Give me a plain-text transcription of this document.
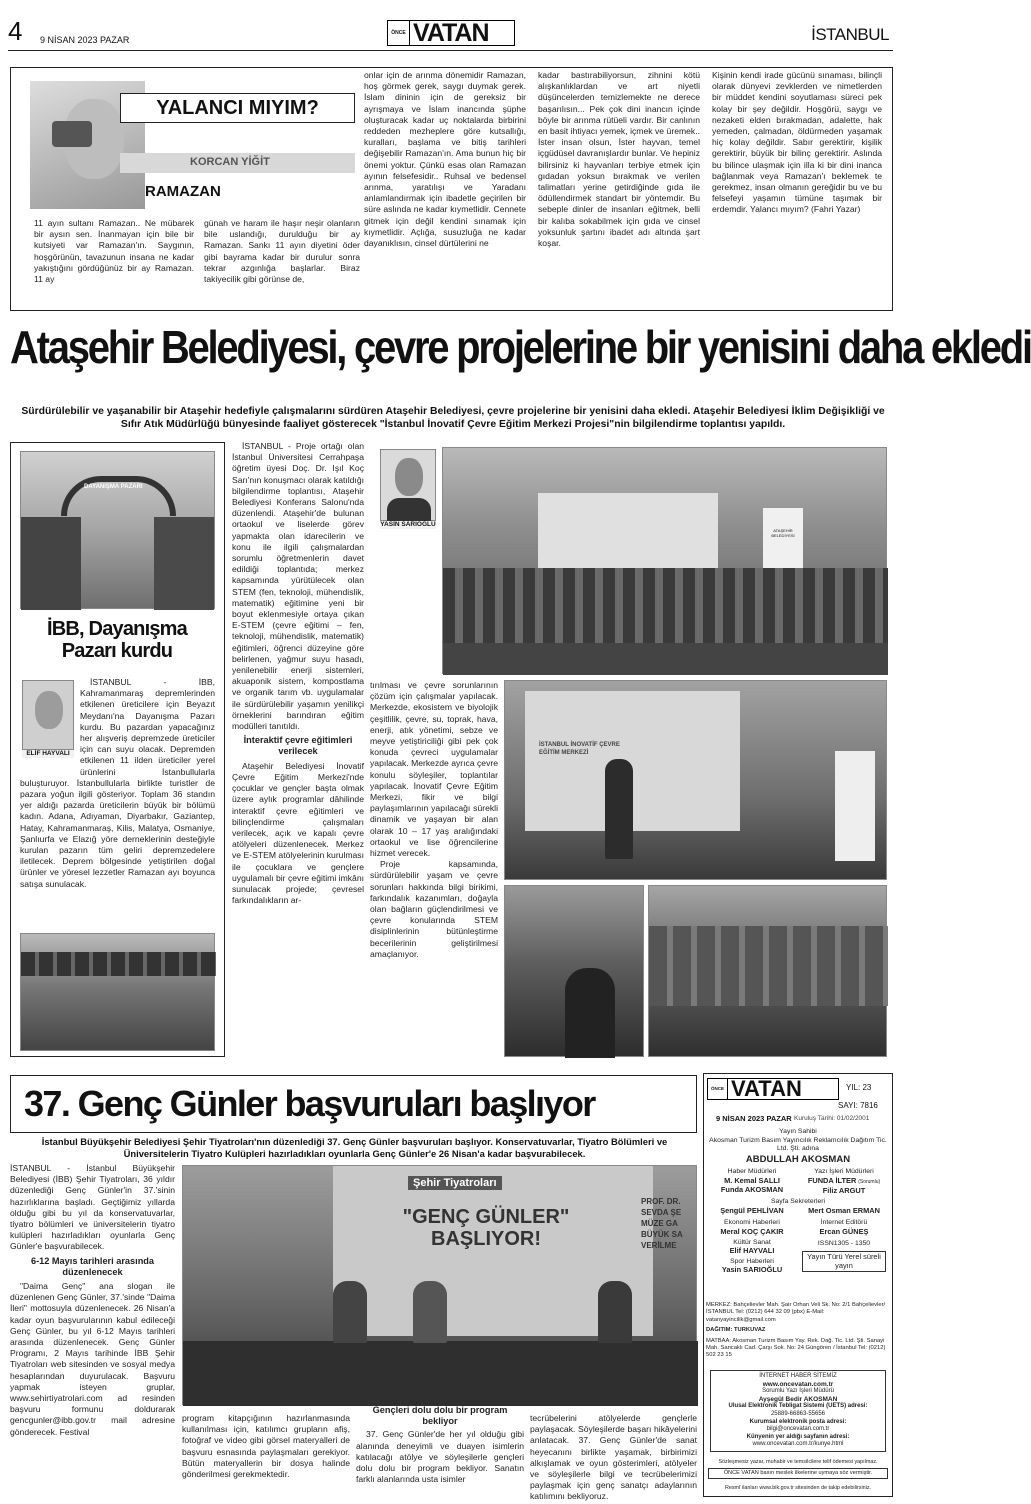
4 9 NİSAN 2023 PAZAR
ÖNCE VATAN	İSTANBUL
YALANCI MIYIM?
KORCAN YİĞİT
RAMAZAN
11 ayın sultanı Ramazan.. Ne mübarek bir aysın sen. İnanmayan için bile bir kutsiyeti var Ramazan'ın. Saygının, hoşgörünün, tavazunun insana ne kadar yakıştığını gördüğünüz bir ay Ramazan. 11 ay
günah ve haram ile haşır neşir olanların bile uslandığı, durulduğu bir ay Ramazan. Sankı 11 ayın diyetini öder gibi bayrama kadar bir durulur sonra tekrar azgınlığa başlarlar. Biraz takiyecilik gibi görünse de,
onlar için de arınma dönemidir Ramazan, hoş görmek gerek, saygı duymak gerek. İslam dininin için de gereksiz bir ayrışmaya ve İslam inancında şüphe oluşturacak kadar uç noktalarda birbirini reddeden mezheplere göre kutsallığı, kuralları, başlama ve bitiş tarihleri değişebilir Ramazan'ın. Ama bunun hiç bir önemi yoktur. Çünkü esas olan Ramazan ayının felsefesidir.. Ruhsal ve bedensel arınma, yaratılışı ve Yaradanı anlamlandırmak için ibadetle geçirilen bir süre aslında ne kadar kıymetlidir. Cennete gitmek için değil kendini sınamak için kıymetlidir. Açlığa, susuzluğa ne kadar dayanıklısın, cinsel dürtülerini ne
kadar bastırabiliyorsun, zihnini kötü alışkanlıklardan ve art niyetli düşüncelerden temizlemekte ne derece başarılısın... Pek çok dini inancın içinde böyle bir arınma rütüeli vardır. Bir canlının en basit ihtiyacı yemek, içmek ve üremek.. İster insan olsun, İster hayvan, temel içgüdüsel davranışlardır bunlar. Ve hepiniz bilirsiniz ki hayvanları terbiye etmek için gıdadan yoksun bırakmak ve verilen talimatları yerine getirdiğinde gıda ile ödüllendirmek standart bir yöntemdir. Bu sebeple dinler de insanları eğitmek, belli bir kalıba sokabilmek için gıda ve cinsel yoksunluk şartını ibadet adı altında şart koşar.
Kişinin kendi irade gücünü sınaması, bilinçli olarak dünyevi zevklerden ve nimetlerden bir müddet kendini soyutlaması süreci pek kolay bir şey değildir. Hoşgörü, saygı ve nezaketi elden bırakmadan, adalette, hak yemeden, çalmadan, öldürmeden yaşamak hiç kolay değildir. Sabır gerektirir, kişilik gerektirir, büyük bir bilinç gerektirir. Aslında bu bilince ulaşmak için illa ki bir dini inanca bağlanmak veya Ramazan'ı beklemek te gerekmez, insan olmanın gereğidir bu ve bu felsefeyi yaşamın tümüne taşımak bir erdemdir. Yalancı mıyım? (Fahri Yazar)
Ataşehir Belediyesi, çevre projelerine bir yenisini daha ekledi
Sürdürülebilir ve yaşanabilir bir Ataşehir hedefiyle çalışmalarını sürdüren Ataşehir Belediyesi, çevre projelerine bir yenisini daha ekledi. Ataşehir Belediyesi İklim Değişikliği ve Sıfır Atık Müdürlüğü bünyesinde faaliyet gösterecek "İstanbul İnovatif Çevre Eğitim Merkezi Projesi"nin bilgilendirme toplantısı yapıldı.
DAYANIŞMA PAZARI
İBB, Dayanışma Pazarı kurdu
ELİF HAYVALI

İSTANBUL - İBB, Kahramanmaraş depremlerinden etkilenen üreticilere için Beyazıt Meydanı'na Dayanışma Pazarı kurdu. Bu pazardan yapacağınız her alışveriş depremzede üreticiler için can suyu olacak. Depremden etkilenen 11 ilden üreticiler yerel ürünlerini İstanbullularla buluşturuyor. İstanbullularla birlikte turistler de pazara yoğun ilgili gösteriyor. Toplam 36 standın yer aldığı pazarda üreticilerin büyük bir bölümü kadın. Adana, Adıyaman, Diyarbakır, Gaziantep, Hatay, Kahramanmaraş, Kilis, Malatya, Osmaniye, Şanlıurfa ve Elazığ yöre derneklerinin desteğiyle kurulan pazarın tüm geliri depremzedelere iletilecek. Deprem bölgesinde yetiştirilen doğal ürünler ve yöresel lezzetler Ramazan ayı boyunca satışa sunulacak.

İSTANBUL - Proje ortağı olan İstanbul Üniversitesi Cerrahpaşa öğretim üyesi Doç. Dr. Işıl Koç Sarı'nın konuşmacı olarak katıldığı bilgilendirme toplantısı, Ataşehir Belediyesi Konferans Salonu'nda düzenlendi. Ataşehir'de bulunan ortaokul ve liselerde görev yapmakta olan idarecilerin ve konu ile ilgili çalışmalardan sorumlu öğretmenlerin davet edildiği toplantıda; merkez kapsamında yürütülecek olan STEM (fen, teknoloji, mühendislik, matematik) eğitimine yeni bir boyut eklenmesiyle ortaya çıkan E-STEM (çevre eğitimi – fen, teknoloji, mühendislik, matematik) eğitimleri, öğrenci düzeyine göre belirlenen, yağmur suyu hasadı, yenilenebilir enerji sistemleri, akuaponik sistem, kompostlama ve organik tarım vb. uygulamalar ile sürdürülebilir yaşamın yenilikçi örneklerini barındıran eğitim modülleri tanıtıldı.

İnteraktif çevre eğitimleri verilecek

Ataşehir Belediyesi İnovatif Çevre Eğitim Merkezi'nde çocuklar ve gençler başta olmak üzere aylık programlar dâhilinde interaktif çevre eğitimleri ve bilinçlendirme çalışmaları verilecek, açık ve kapalı çevre atölyeleri düzenlenecek. Merkez ve E-STEM atölyelerinin kurulması ile çocuklara ve gençlere uygulamalı bir çevre eğitimi imkânı sunulacak projede; çevresel farkındalıkların ar-

YASİN SARIOĞLU
ATAŞEHİR BELEDİYESİ

tırılması ve çevre sorunlarının çözüm için çalışmalar yapılacak. Merkezde, ekosistem ve biyolojik çeşitlilik, çevre, su, toprak, hava, enerji, atık yönetimi, sebze ve meyve yetiştiriciliği gibi pek çok konuda çevreci uygulamalar yapılacak. Merkezde ayrıca çevre konulu söyleşiler, toplantılar yapılacak. İnovatif Çevre Eğitim Merkezi, fikir ve bilgi paylaşımlarının yapılacağı sürekli dinamik ve yaşayan bir alan olarak 10 – 17 yaş aralığındaki ortaokul ve lise öğrencilerine hizmet verecek.

Proje kapsamında, sürdürülebilir yaşam ve çevre sorunları hakkında bilgi birikimi, farkındalık kazanımları, doğayla olan bağların güçlendirilmesi ve çevre konularında STEM disiplinlerinin bütünleştirme becerilerinin geliştirilmesi amaçlanıyor.

İSTANBUL İNOVATİF ÇEVRE EĞİTİM MERKEZİ
37. Genç Günler başvuruları başlıyor
İstanbul Büyükşehir Belediyesi Şehir Tiyatroları'nın düzenlediği 37. Genç Günler başvuruları başlıyor. Konservatuvarlar, Tiyatro Bölümleri ve Üniversitelerin Tiyatro Kulüpleri hazırladıkları oyunlarla Genç Günler'e 26 Nisan'a kadar başvurabilecek.

İSTANBUL - İstanbul Büyükşehir Belediyesi (İBB) Şehir Tiyatroları, 36 yıldır düzenlediği Genç Günler'in 37.'sinin hazırlıklarına başladı. Geçtiğimiz yıllarda olduğu gibi bu yıl da konservatuvarlar, tiyatro bölümleri ve üniversitelerin tiyatro kulüpleri hazırladıkları oyunlarla Genç Günler'e başvurabilecek.

6-12 Mayıs tarihleri arasında düzenlenecek

"Daima Genç" ana slogan ile düzenlenen Genç Günler, 37.'sinde "Daima İleri" mottosuyla düzenlenecek. 26 Nisan'a kadar oyun başvurularının kabul edileceği Genç Günler, bu yıl 6-12 Mayıs tarihleri arasında düzenlenecek. Genç Günler Programı, 2 Mayıs tarihinde İBB Şehir Tiyatroları web sitesinden ve sosyal medya hesaplarından duyurulacak. Başvuru yapmak isteyen gruplar, www.sehirtiyatrolari.com ad resinden başvuru formunu doldurarak gencgunler@ibb.gov.tr mail adresine gönderecek. Festival

Şehir Tiyatroları
"GENÇ GÜNLER" BAŞLIYOR!
PROF. DR. SEVDA ŞE MÜZE GA BÜYÜK SA VERİLME
program kitapçığının hazırlanmasında kullanılması için, katılımcı grupların afiş, fotoğraf ve video gibi görsel materyalleri de başvuru esnasında paylaşmaları gerekiyor. Bütün materyallerin bir dosya halinde gönderilmesi gerekmektedir.
Gençleri dolu dolu bir program bekliyor

37. Genç Günler'de her yıl olduğu gibi alanında deneyimli ve duayen isimlerin katılacağı atölye ve söyleşilerle gençleri dolu dolu bir program bekliyor. Sanatın farklı alanlarında usta isimler

tecrübelerini atölyelerde gençlerle paylaşacak. Söyleşilerde başarı hikâyelerini anlatacak. 37. Genç Günler'de sanat heyecanını birlikte yaşamak, birbirimizi alkışlamak ve oyun gösterimleri, atölyeler ve söyleşilerle bilgi ve tecrübelerimizi paylaşmak için genç sanatçı adaylarının katılımını bekliyoruz.
ÖNCE VATAN	YIL: 23
SAYI: 7816
9 NİSAN 2023 PAZAR Kuruluş Tarihi: 01/02/2001
Yayın Sahibi
Akosman Turizm Basım Yayıncılık Reklamcılık Dağıtım Tic. Ltd. Şti. adına
ABDULLAH AKOSMAN
Haber Müdürleri
M. Kemal SALLI
Funda AKOSMAN
Yazı İşleri Müdürleri
FUNDA İLTER (Sorumlu)
Filiz ARGUT
Sayfa Sekreterleri
Şengül PEHLİVAN	Mert Osman ERMAN
Ekonomi Haberleri
Meral KOÇ ÇAKIR
Kültür Sanat
Elif HAYVALI
Spor Haberleri
Yasin SARIOĞLU
İnternet Editörü
Ercan GÜNEŞ
ISSN1305 - 1350
Yayın Türü Yerel süreli yayın
MERKEZ: Bahçelievler Mah. Şair Orhan Veli Sk. No: 2/1 Bahçelievler/İSTANBUL Tel: (0212) 644 32 09 (pbx) E-Mail: vatanyayincilik@gmail.com
DAĞITIM: TURKUVAZ
MATBAA: Akosman Turizm Basım Yay. Rek. Dağ. Tic. Ltd. Şti. Sanayi Mah. Sancaklı Cad. Çarşı Sok. No: 24 Güngören / İstanbul Tel: (0212) 502 23 15
İNTERNET HABER SİTEMİZ
www.oncevatan.com.tr
Sorumlu Yazı İşleri Müdürü
Ayşegül Bedir AKOSMAN
Ulusal Elektronik Tebligat Sistemi (UETS) adresi:
25889-66863-55656
Kurumsal elektronik posta adresi:
bilgi@oncevatan.com.tr
Künyenin yer aldığı sayfanın adresi:
www.oncevatan.com.tr/kunye.html
Sözleşmesiz yazar, muhabir ve temsilcilere telif ödemesi yapılmaz.
ÖNCE VATAN basın meslek ilkelerine uymaya söz vermiştir.
Resmî ilanları www.bik.gov.tr sitesinden de takip edebilirsiniz.
